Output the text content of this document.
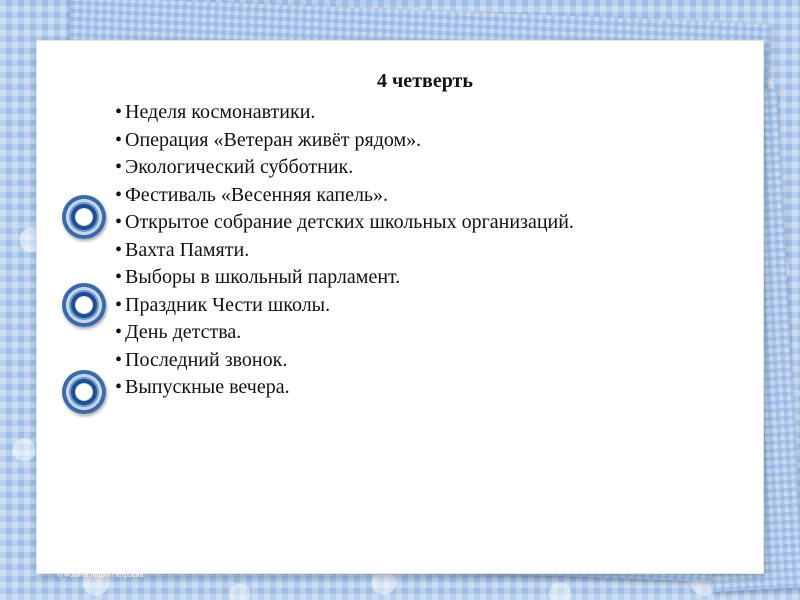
4 четверть
• Неделя космонавтики.
• Операция «Ветеран живёт рядом».
• Экологический субботник.
• Фестиваль «Весенняя капель».
• Открытое собрание детских школьных организаций.
• Вахта Памяти.
• Выборы в школьный парламент.
• Праздник Чести школы.
• День детства.
• Последний звонок.
• Выпускные вечера.
© Фокина Лидия Петровна
